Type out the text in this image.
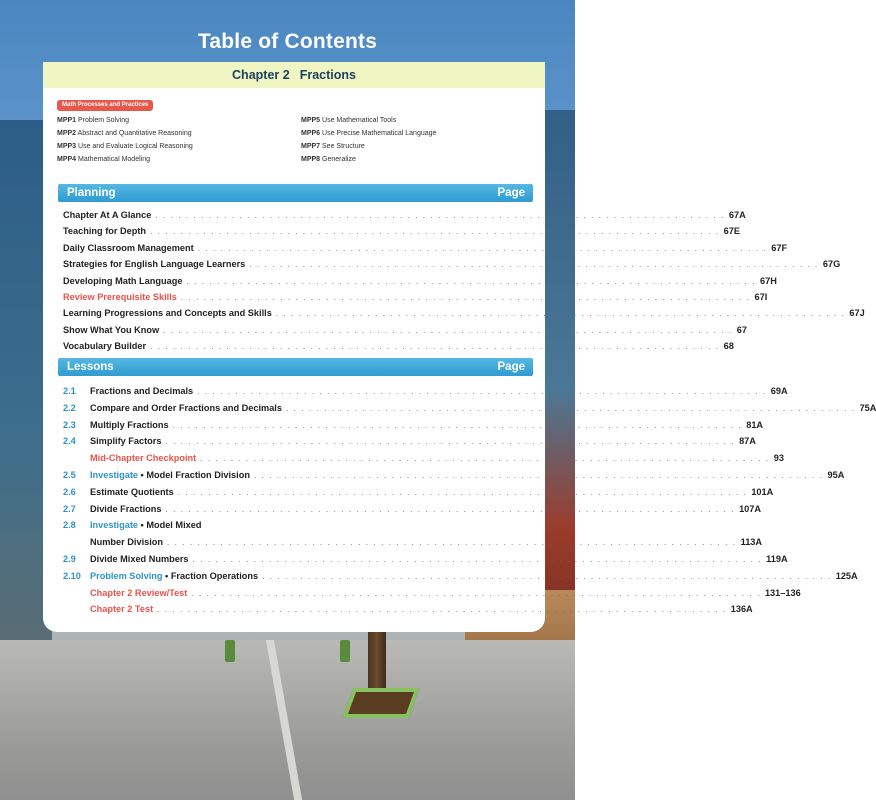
Table of Contents
Chapter 2 Fractions
Math Processes and Practices
MPP1 Problem Solving
MPP2 Abstract and Quantitative Reasoning
MPP3 Use and Evaluate Logical Reasoning
MPP4 Mathematical Modeling
MPP5 Use Mathematical Tools
MPP6 Use Precise Mathematical Language
MPP7 See Structure
MPP8 Generalize
Planning	Page
Chapter At A Glance . . . . . . . . . . . . . . . . . . . . . . . . . . . . . . . . . . . . . . . . . . . . . . . . . . . . . . . . . . . . . . . . . . . . . . . . . . . 67A
Teaching for Depth . . . . . . . . . . . . . . . . . . . . . . . . . . . . . . . . . . . . . . . . . . . . . . . . . . . . . . . . . . . . . . . . . . . . . . . . . . . 67E
Daily Classroom Management . . . . . . . . . . . . . . . . . . . . . . . . . . . . . . . . . . . . . . . . . . . . . . . . . . . . . . . . . . . . . . . . . . . . . . . . . . . 67F
Strategies for English Language Learners . . . . . . . . . . . . . . . . . . . . . . . . . . . . . . . . . . . . . . . . . . . . . . . . . . . . . . . . . . . . . . . . . . . . . . . . . . . 67G
Developing Math Language . . . . . . . . . . . . . . . . . . . . . . . . . . . . . . . . . . . . . . . . . . . . . . . . . . . . . . . . . . . . . . . . . . . . . . . . . . . 67H
Review Prerequisite Skills . . . . . . . . . . . . . . . . . . . . . . . . . . . . . . . . . . . . . . . . . . . . . . . . . . . . . . . . . . . . . . . . . . . . . . . . . . . 67I
Learning Progressions and Concepts and Skills . . . . . . . . . . . . . . . . . . . . . . . . . . . . . . . . . . . . . . . . . . . . . . . . . . . . . . . . . . . . . . . . . . . . . . . . . . . 67J
Show What You Know . . . . . . . . . . . . . . . . . . . . . . . . . . . . . . . . . . . . . . . . . . . . . . . . . . . . . . . . . . . . . . . . . . . . . . . . . . . 67
Vocabulary Builder . . . . . . . . . . . . . . . . . . . . . . . . . . . . . . . . . . . . . . . . . . . . . . . . . . . . . . . . . . . . . . . . . . . . . . . . . . . 68
Lessons	Page
2.1	Fractions and Decimals . . . . . . . . . . . . . . . . . . . . . . . . . . . . . . . . . . . . . . . . . . . . . . . . . . . . . . . . . . . . . . . . . . . . . . . . . . . 69A
2.2	Compare and Order Fractions and Decimals . . . . . . . . . . . . . . . . . . . . . . . . . . . . . . . . . . . . . . . . . . . . . . . . . . . . . . . . . . . . . . . . . . . . . . . . . . . 75A
2.3	Multiply Fractions . . . . . . . . . . . . . . . . . . . . . . . . . . . . . . . . . . . . . . . . . . . . . . . . . . . . . . . . . . . . . . . . . . . . . . . . . . . 81A
2.4	Simplify Factors . . . . . . . . . . . . . . . . . . . . . . . . . . . . . . . . . . . . . . . . . . . . . . . . . . . . . . . . . . . . . . . . . . . . . . . . . . . 87A
Mid-Chapter Checkpoint . . . . . . . . . . . . . . . . . . . . . . . . . . . . . . . . . . . . . . . . . . . . . . . . . . . . . . . . . . . . . . . . . . . . . . . . . . . 93
2.5	Investigate • Model Fraction Division . . . . . . . . . . . . . . . . . . . . . . . . . . . . . . . . . . . . . . . . . . . . . . . . . . . . . . . . . . . . . . . . . . . . . . . . . . . 95A
2.6	Estimate Quotients . . . . . . . . . . . . . . . . . . . . . . . . . . . . . . . . . . . . . . . . . . . . . . . . . . . . . . . . . . . . . . . . . . . . . . . . . . . 101A
2.7	Divide Fractions . . . . . . . . . . . . . . . . . . . . . . . . . . . . . . . . . . . . . . . . . . . . . . . . . . . . . . . . . . . . . . . . . . . . . . . . . . . 107A
2.8	Investigate • Model Mixed
Number Division . . . . . . . . . . . . . . . . . . . . . . . . . . . . . . . . . . . . . . . . . . . . . . . . . . . . . . . . . . . . . . . . . . . . . . . . . . . 113A
2.9	Divide Mixed Numbers . . . . . . . . . . . . . . . . . . . . . . . . . . . . . . . . . . . . . . . . . . . . . . . . . . . . . . . . . . . . . . . . . . . . . . . . . . . 119A
2.10 Problem Solving • Fraction Operations . . . . . . . . . . . . . . . . . . . . . . . . . . . . . . . . . . . . . . . . . . . . . . . . . . . . . . . . . . . . . . . . . . . . . . . . . . . 125A
Chapter 2 Review/Test . . . . . . . . . . . . . . . . . . . . . . . . . . . . . . . . . . . . . . . . . . . . . . . . . . . . . . . . . . . . . . . . . . . . . . . . . . . 131–136
Chapter 2 Test . . . . . . . . . . . . . . . . . . . . . . . . . . . . . . . . . . . . . . . . . . . . . . . . . . . . . . . . . . . . . . . . . . . . . . . . . . . 136A
